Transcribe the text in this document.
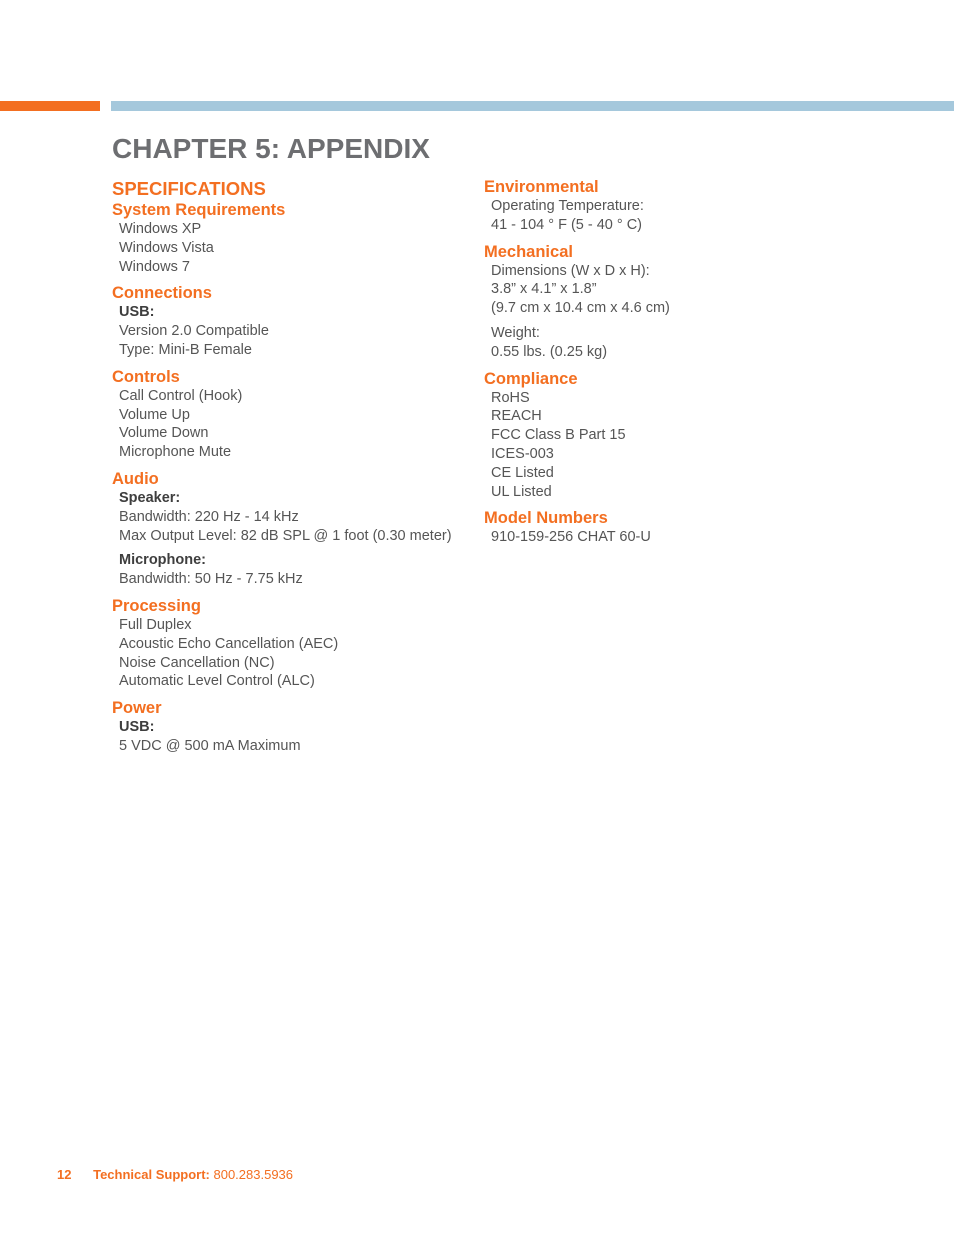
CHAPTER 5: APPENDIX
SPECIFICATIONS
System Requirements
Windows XP
Windows Vista
Windows 7
Connections
USB:
Version 2.0 Compatible
Type: Mini-B Female
Controls
Call Control (Hook)
Volume Up
Volume Down
Microphone Mute
Audio
Speaker:
Bandwidth: 220 Hz - 14 kHz
Max Output Level: 82 dB SPL @ 1 foot (0.30 meter)
Microphone:
Bandwidth: 50 Hz - 7.75 kHz
Processing
Full Duplex
Acoustic Echo Cancellation (AEC)
Noise Cancellation (NC)
Automatic Level Control (ALC)
Power
USB:
5 VDC @ 500 mA Maximum
Environmental
Operating Temperature:
41 - 104 ° F (5 - 40 ° C)
Mechanical
Dimensions (W x D x H):
3.8” x 4.1” x 1.8”
(9.7 cm x 10.4 cm x 4.6 cm)
Weight:
0.55 lbs. (0.25 kg)
Compliance
RoHS
REACH
FCC Class B Part 15
ICES-003
CE Listed
UL Listed
Model Numbers
910-159-256 CHAT 60-U
12 Technical Support: 800.283.5936
